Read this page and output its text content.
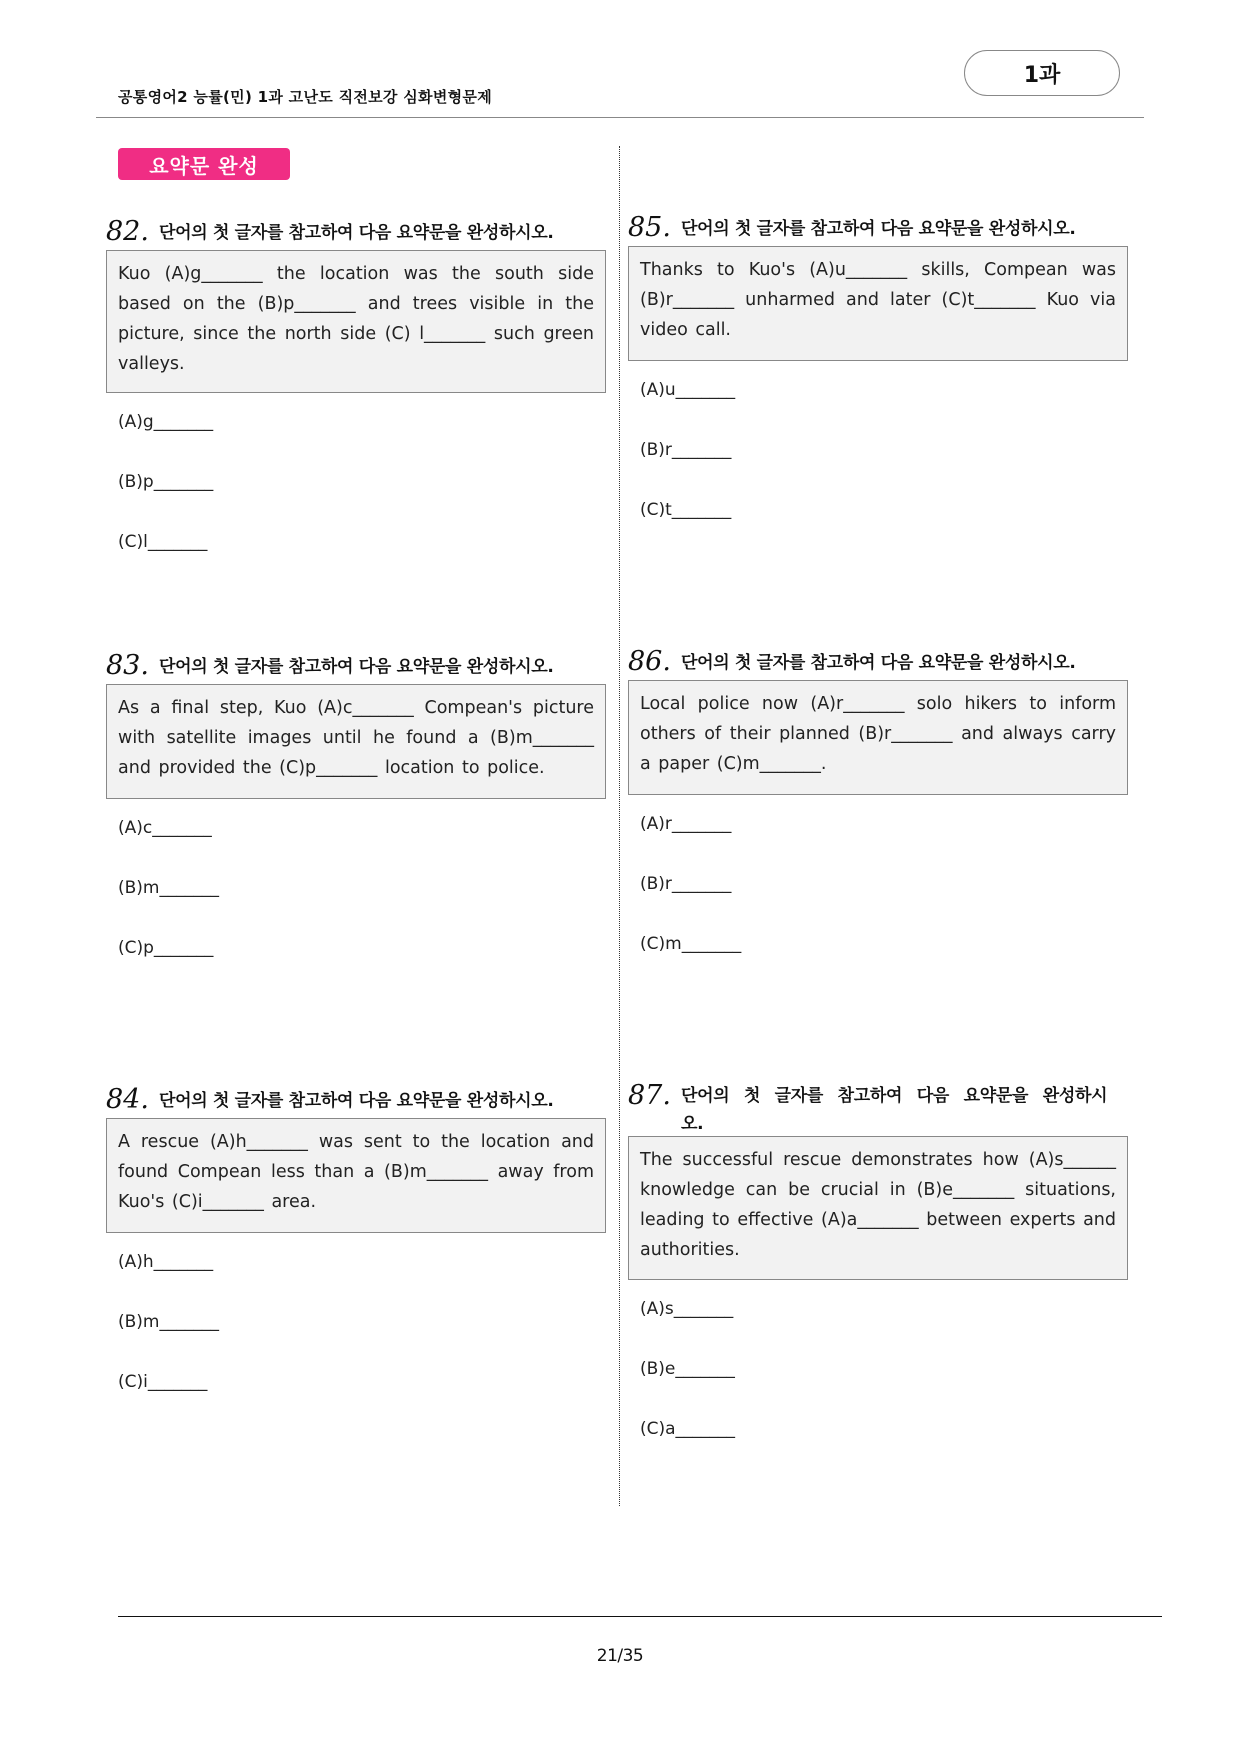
공통영어2 능률(민) 1과 고난도 직전보강 심화변형문제
1과
요약문 완성
82. 단어의 첫 글자를 참고하여 다음 요약문을 완성하시오.
Kuo (A)g_______ the location was the south side based on the (B)p_______ and trees visible in the picture, since the north side (C) l_______ such green valleys.
(A)g_______
(B)p_______
(C)l_______
83. 단어의 첫 글자를 참고하여 다음 요약문을 완성하시오.
As a final step, Kuo (A)c_______ Compean's picture with satellite images until he found a (B)m_______ and provided the (C)p_______ location to police.
(A)c_______
(B)m_______
(C)p_______
84. 단어의 첫 글자를 참고하여 다음 요약문을 완성하시오.
A rescue (A)h_______ was sent to the location and found Compean less than a (B)m_______ away from Kuo's (C)i_______ area.
(A)h_______
(B)m_______
(C)i_______
85. 단어의 첫 글자를 참고하여 다음 요약문을 완성하시오.
Thanks to Kuo's (A)u_______ skills, Compean was (B)r_______ unharmed and later (C)t_______ Kuo via video call.
(A)u_______
(B)r_______
(C)t_______
86. 단어의 첫 글자를 참고하여 다음 요약문을 완성하시오.
Local police now (A)r_______ solo hikers to inform others of their planned (B)r_______ and always carry a paper (C)m_______.
(A)r_______
(B)r_______
(C)m_______
87. 단어의 첫 글자를 참고하여 다음 요약문을 완성하시오.
The successful rescue demonstrates how (A)s______ knowledge can be crucial in (B)e_______ situations, leading to effective (A)a_______ between experts and authorities.
(A)s_______
(B)e_______
(C)a_______
21/35
